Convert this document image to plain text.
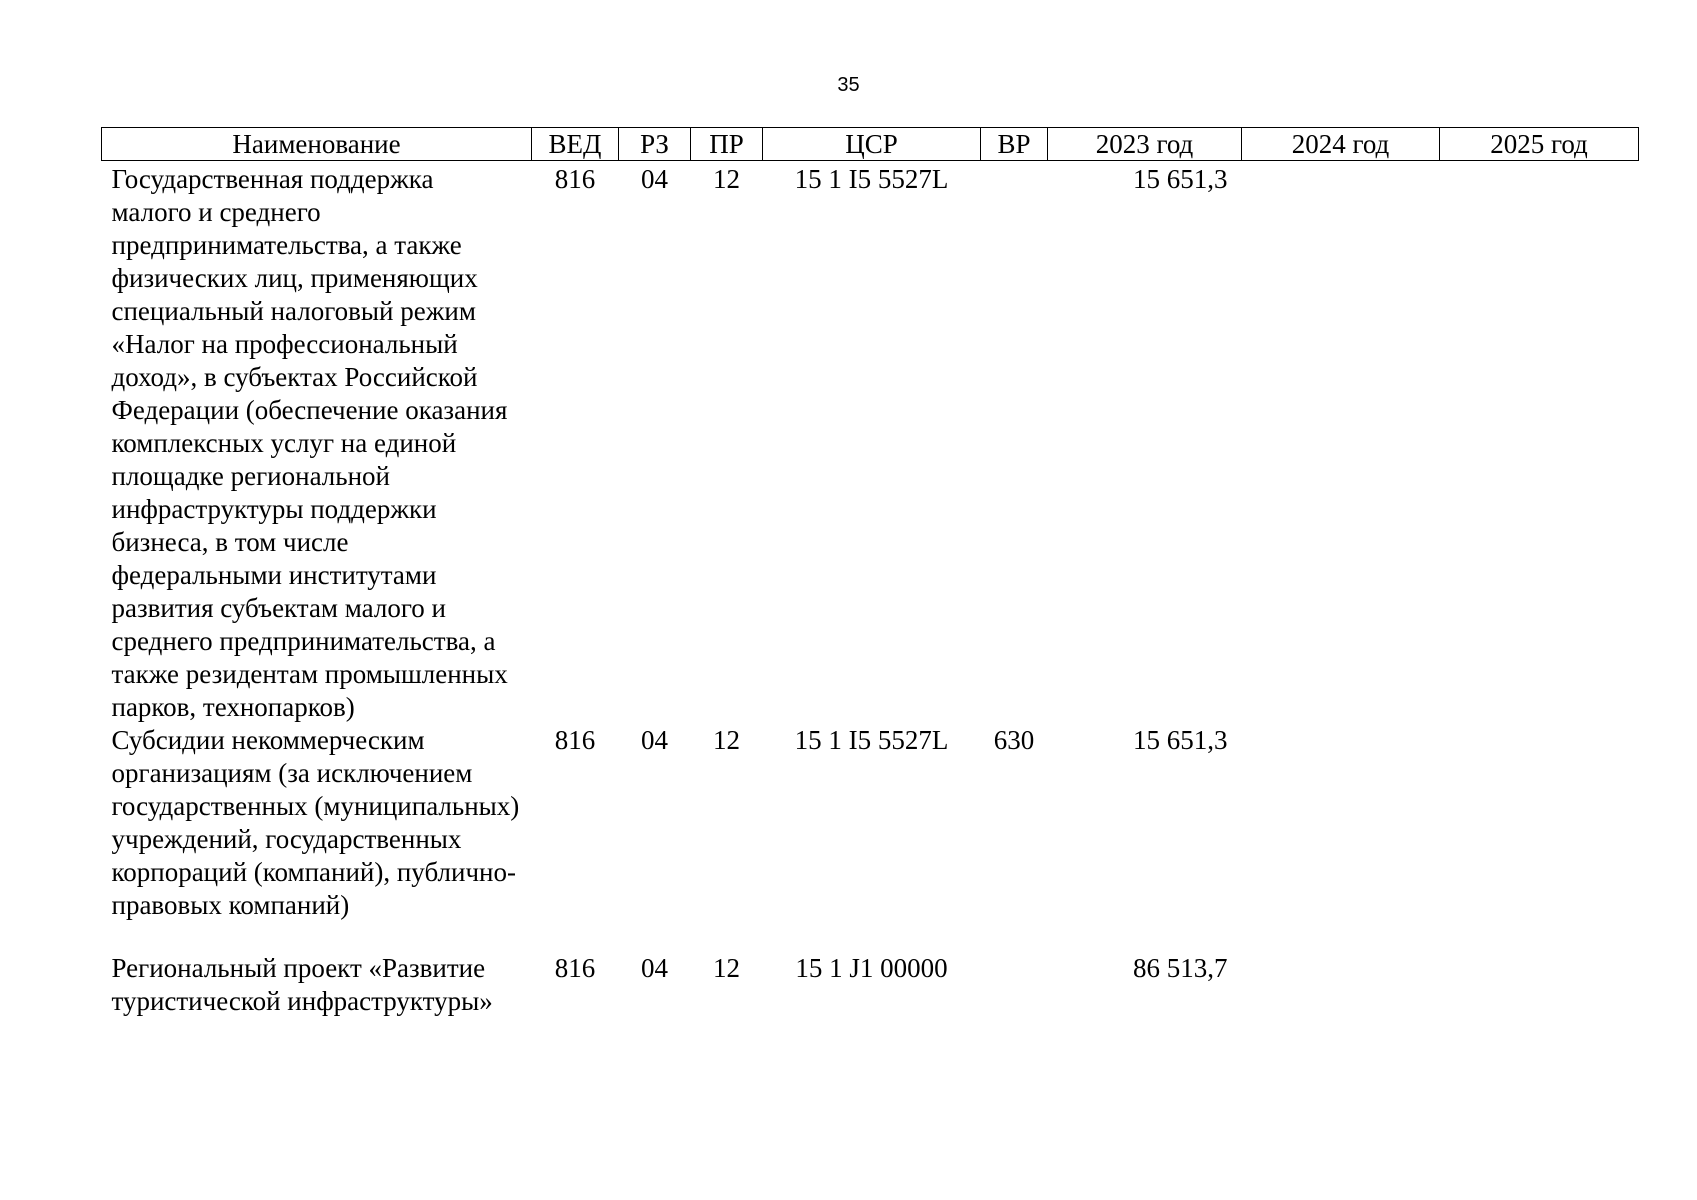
35
Наименование	ВЕД	РЗ	ПР	ЦСР	ВР	2023 год	2024 год	2025 год
Государственная поддержка малого и среднего предпринимательства, а также физических лиц, применяющих специальный налоговый режим «Налог на профессиональный доход», в субъектах Российской Федерации (обеспечение оказания комплексных услуг на единой площадке региональной инфраструктуры поддержки бизнеса, в том числе федеральными институтами развития субъектам малого и среднего предпринимательства, а также резидентам промышленных парков, технопарков)	816	04	12	15 1 I5 5527L		15 651,3		
Субсидии некоммерческим организациям (за исключением государственных (муниципальных) учреждений, государственных корпораций (компаний), публично-правовых компаний)	816	04	12	15 1 I5 5527L	630	15 651,3		

Региональный проект «Развитие туристической инфраструктуры»	816	04	12	15 1 J1 00000		86 513,7		
